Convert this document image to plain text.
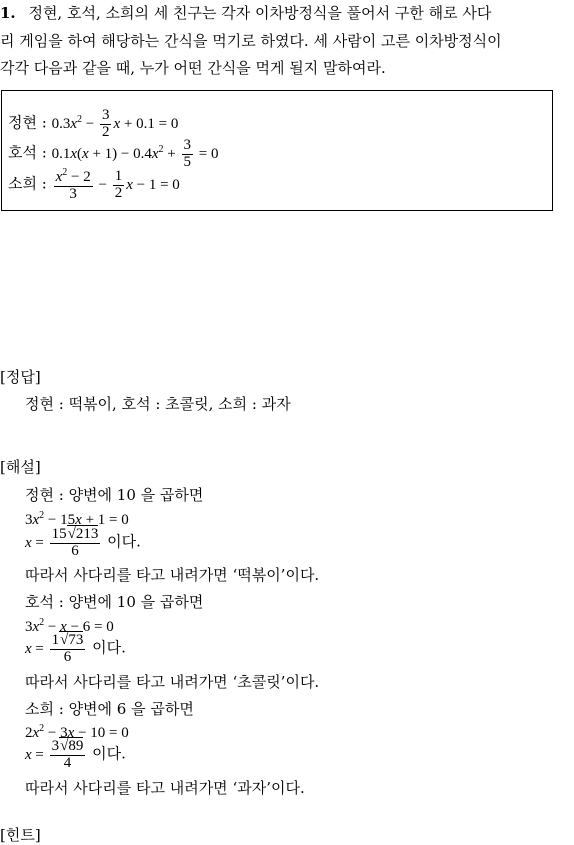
1. 정현, 호석, 소희의 세 친구는 각자 이차방정식을 풀어서 구한 해로 사다
리 게임을 하여 해당하는 간식을 먹기로 하였다. 세 사람이 고른 이차방정식이
각각 다음과 같을 때, 누가 어떤 간식을 먹게 될지 말하여라.
정현 : $0.3x^2 - \frac{3}{2}$ x + 0.1 = 0
호석 : $0.1x(x + 1) - 0.4x^2 + \frac{3}{5} = 0$
소희 : $\frac{x^2 - 2}{3} - \frac{1}{2}$ x − 1 = 0
[정답]
정현 : 떡볶이, 호석 : 초콜릿, 소희 : 과자
[해설]
정현 : 양변에 10 을 곱하면
$3x^2 - 15x + 1 = 0$
$x = \frac{15√213}{6}$ 이다.
따라서 사다리를 타고 내려가면 ‘떡볶이’이다.
호석 : 양변에 10 을 곱하면
$3x^2 - x - 6 = 0$
$x = \frac{1√73}{6}$ 이다.
따라서 사다리를 타고 내려가면 ‘초콜릿’이다.
소희 : 양변에 6 을 곱하면
$2x^2 - 3x - 10 = 0$
$x = \frac{3√89}{4}$ 이다.
따라서 사다리를 타고 내려가면 ‘과자’이다.
[힌트]
